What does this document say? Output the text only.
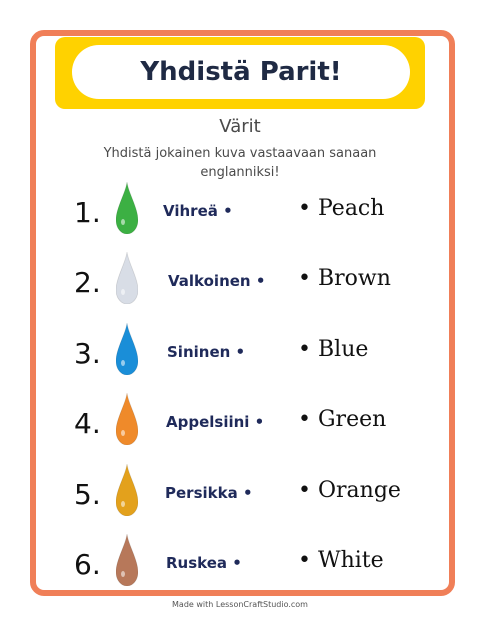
Yhdistä Parit!
Värit
Yhdistä jokainen kuva vastaavaan sanaan englanniksi!
1.	Vihreä •	• Peach
2.	Valkoinen • • Brown
3.	Sininen • • Blue
4.	Appelsiini • • Green
5.	Persikka • • Orange
6.	Ruskea •	• White
Made with LessonCraftStudio.com
